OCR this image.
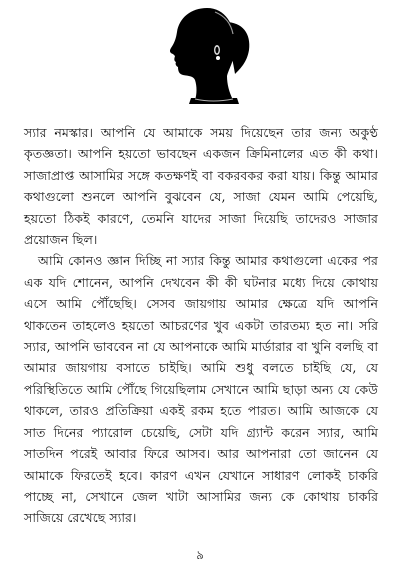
স্যার নমস্কার। আপনি যে আমাকে সময় দিয়েছেন তার জন্য অকুণ্ঠ কৃতজ্ঞতা। আপনি হয়তো ভাবছেন একজন ক্রিমিনালের এত কী কথা। সাজাপ্রাপ্ত আসামির সঙ্গে কতক্ষণই বা বকরবকর করা যায়। কিন্তু আমার কথাগুলো শুনলে আপনি বুঝবেন যে, সাজা যেমন আমি পেয়েছি, হয়তো ঠিকই কারণে, তেমনি যাদের সাজা দিয়েছি তাদেরও সাজার প্রয়োজন ছিল।

আমি কোনও জ্ঞান দিচ্ছি না স্যার কিন্তু আমার কথাগুলো একের পর এক যদি শোনেন, আপনি দেখবেন কী কী ঘটনার মধ্যে দিয়ে কোথায় এসে আমি পৌঁছেছি। সেসব জায়গায় আমার ক্ষেত্রে যদি আপনি থাকতেন তাহলেও হয়তো আচরণের খুব একটা তারতম্য হত না। সরি স্যার, আপনি ভাববেন না যে আপনাকে আমি মার্ডারার বা খুনি বলছি বা আমার জায়গায় বসাতে চাইছি। আমি শুধু বলতে চাইছি যে, যে পরিস্থিতিতে আমি পৌঁছে গিয়েছিলাম সেখানে আমি ছাড়া অন্য যে কেউ থাকলে, তারও প্রতিক্রিয়া একই রকম হতে পারত। আমি আজকে যে সাত দিনের প্যারোল চেয়েছি, সেটা যদি গ্র্যান্ট করেন স্যার, আমি সাতদিন পরেই আবার ফিরে আসব। আর আপনারা তো জানেন যে আমাকে ফিরতেই হবে। কারণ এখন যেখানে সাধারণ লোকই চাকরি পাচ্ছে না, সেখানে জেল খাটা আসামির জন্য কে কোথায় চাকরি সাজিয়ে রেখেছে স্যার।

৯
